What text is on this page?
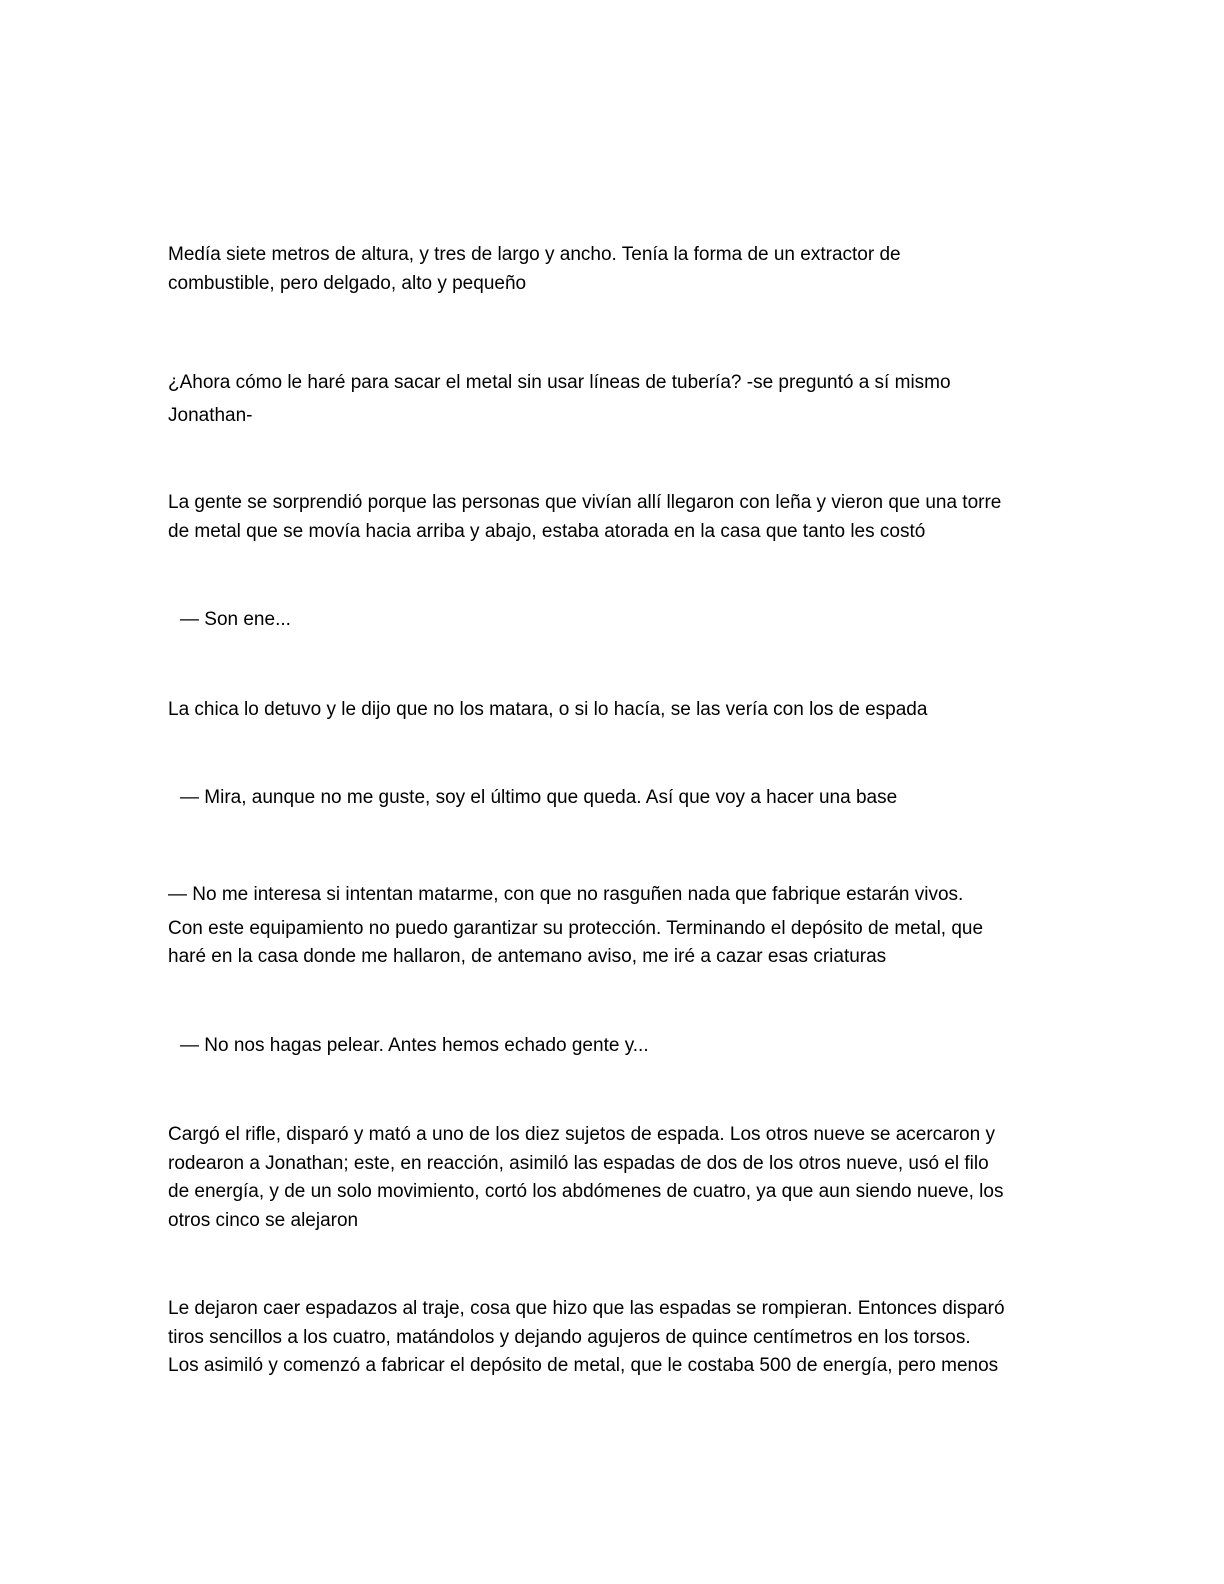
Medía siete metros de altura, y tres de largo y ancho. Tenía la forma de un extractor de
combustible, pero delgado, alto y pequeño
¿Ahora cómo le haré para sacar el metal sin usar líneas de tubería? -se preguntó a sí mismo
Jonathan-
La gente se sorprendió porque las personas que vivían allí llegaron con leña y vieron que una torre
de metal que se movía hacia arriba y abajo, estaba atorada en la casa que tanto les costó
— Son ene...
La chica lo detuvo y le dijo que no los matara, o si lo hacía, se las vería con los de espada
— Mira, aunque no me guste, soy el último que queda. Así que voy a hacer una base
— No me interesa si intentan matarme, con que no rasguñen nada que fabrique estarán vivos.
Con este equipamiento no puedo garantizar su protección. Terminando el depósito de metal, que
haré en la casa donde me hallaron, de antemano aviso, me iré a cazar esas criaturas
— No nos hagas pelear. Antes hemos echado gente y...
Cargó el rifle, disparó y mató a uno de los diez sujetos de espada. Los otros nueve se acercaron y
rodearon a Jonathan; este, en reacción, asimiló las espadas de dos de los otros nueve, usó el filo
de energía, y de un solo movimiento, cortó los abdómenes de cuatro, ya que aun siendo nueve, los
otros cinco se alejaron
Le dejaron caer espadazos al traje, cosa que hizo que las espadas se rompieran. Entonces disparó
tiros sencillos a los cuatro, matándolos y dejando agujeros de quince centímetros en los torsos.
Los asimiló y comenzó a fabricar el depósito de metal, que le costaba 500 de energía, pero menos
